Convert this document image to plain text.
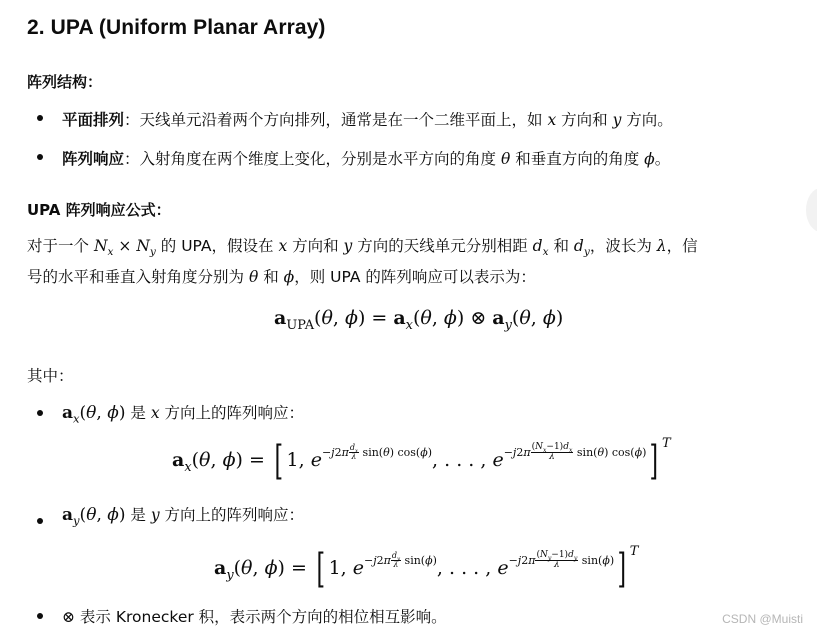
2. UPA (Uniform Planar Array)
阵列结构：
平面排列：天线单元沿着两个方向排列，通常是在一个二维平面上，如 x 方向和 y 方向。
阵列响应：入射角度在两个维度上变化，分别是水平方向的角度 θ 和垂直方向的角度 ϕ。
UPA 阵列响应公式：
对于一个 $N_x \times N_y$ 的 UPA，假设在 x 方向和 y 方向的天线单元分别相距 $d_x$ 和 $d_y$，波长为 λ，信
号的水平和垂直入射角度分别为 θ 和 ϕ，则 UPA 的阵列响应可以表示为：
$a_{UPA}(\theta$, $\phi) = a_x(\theta$, ϕ) ⊗ $a_y(\theta$, ϕ)
其中：
$a_x(\theta$, ϕ) 是 x 方向上的阵列响应：
$a_x(\theta$, ϕ) = [ 1, $e^{-j2\pi \frac{d_x}{\lambda} sin(\theta) cos(\phi)}$, . . . , $e^{-j2\pi \frac{(N_x-1)d_x}{\lambda} sin(\theta) cos(\phi)}$] $^T$
$a_y(\theta$, ϕ) 是 y 方向上的阵列响应：
$a_y(\theta$, ϕ) = [ 1, $e^{-j2\pi \frac{d_y}{\lambda} sin(\phi)}$, . . . , $e^{-j2\pi \frac{(N_y-1)d_y}{\lambda} sin(\phi)}$] $^T$
⊗ 表示 Kronecker 积，表示两个方向的相位相互影响。	CSDN @Muisti
